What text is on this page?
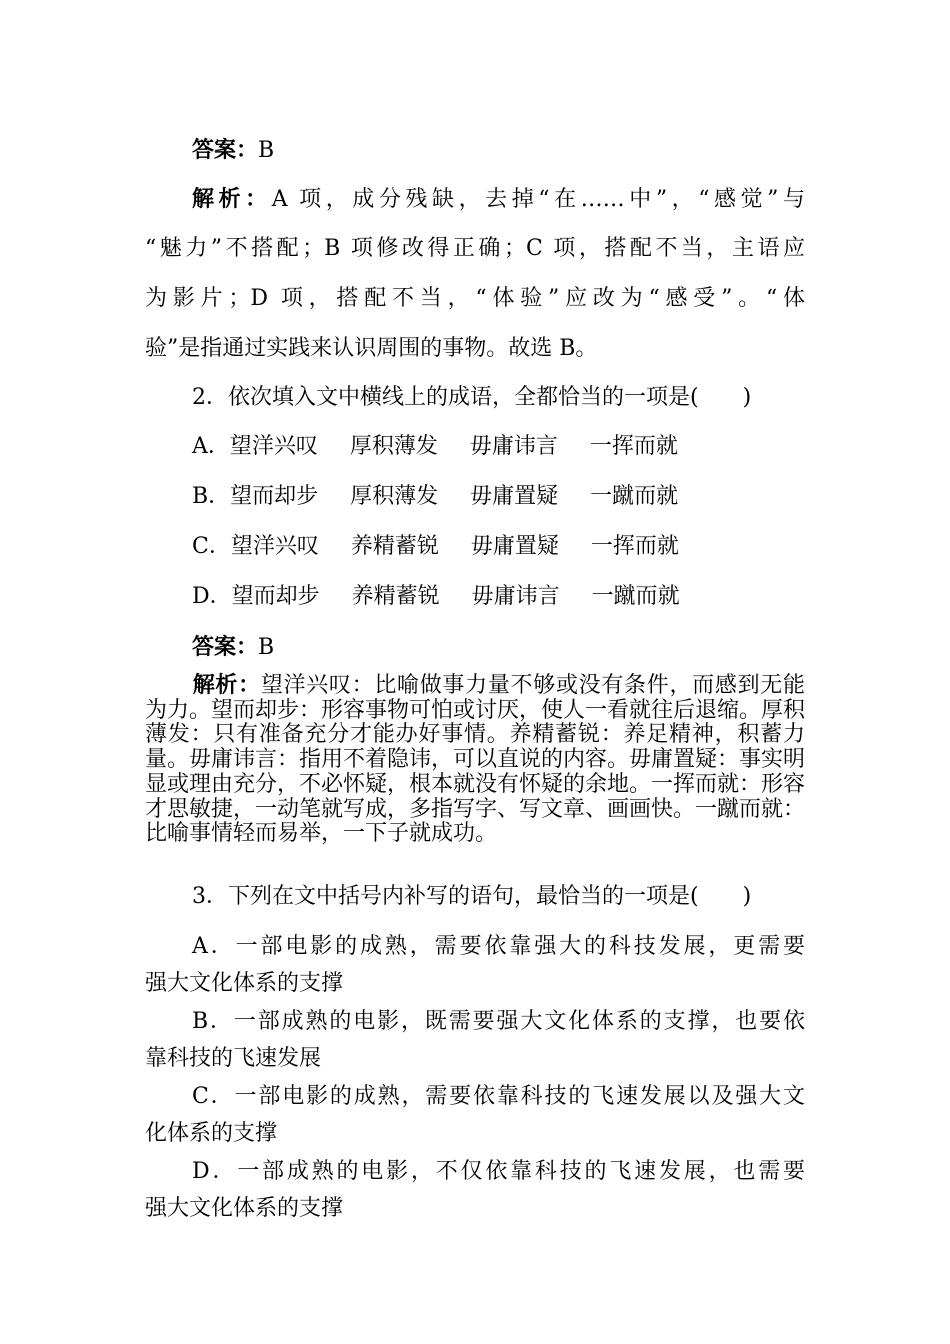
答案：B
解析：A 项，成分残缺，去掉“在……中”，“感觉”与
“魅力”不搭配；B 项修改得正确；C 项，搭配不当，主语应
为影片；D 项，搭配不当，“体验”应改为“感受”。“体
验”是指通过实践来认识周围的事物。故选 B。
2．依次填入文中横线上的成语，全都恰当的一项是(　　)
A．望洋兴叹 厚积薄发 毋庸讳言 一挥而就
B．望而却步 厚积薄发 毋庸置疑 一蹴而就
C．望洋兴叹 养精蓄锐 毋庸置疑 一挥而就
D．望而却步 养精蓄锐 毋庸讳言 一蹴而就
答案：B
解析：望洋兴叹：比喻做事力量不够或没有条件，而感到无能为力。望而却步：形容事物可怕或讨厌，使人一看就往后退缩。厚积薄发：只有准备充分才能办好事情。养精蓄锐：养足精神，积蓄力量。毋庸讳言：指用不着隐讳，可以直说的内容。毋庸置疑：事实明显或理由充分，不必怀疑，根本就没有怀疑的余地。一挥而就：形容才思敏捷，一动笔就写成，多指写字、写文章、画画快。一蹴而就：比喻事情轻而易举，一下子就成功。
3．下列在文中括号内补写的语句，最恰当的一项是(　　)
A．一部电影的成熟，需要依靠强大的科技发展，更需要
强大文化体系的支撑
B．一部成熟的电影，既需要强大文化体系的支撑，也要依
靠科技的飞速发展
C．一部电影的成熟，需要依靠科技的飞速发展以及强大文
化体系的支撑
D．一部成熟的电影，不仅依靠科技的飞速发展，也需要
强大文化体系的支撑
